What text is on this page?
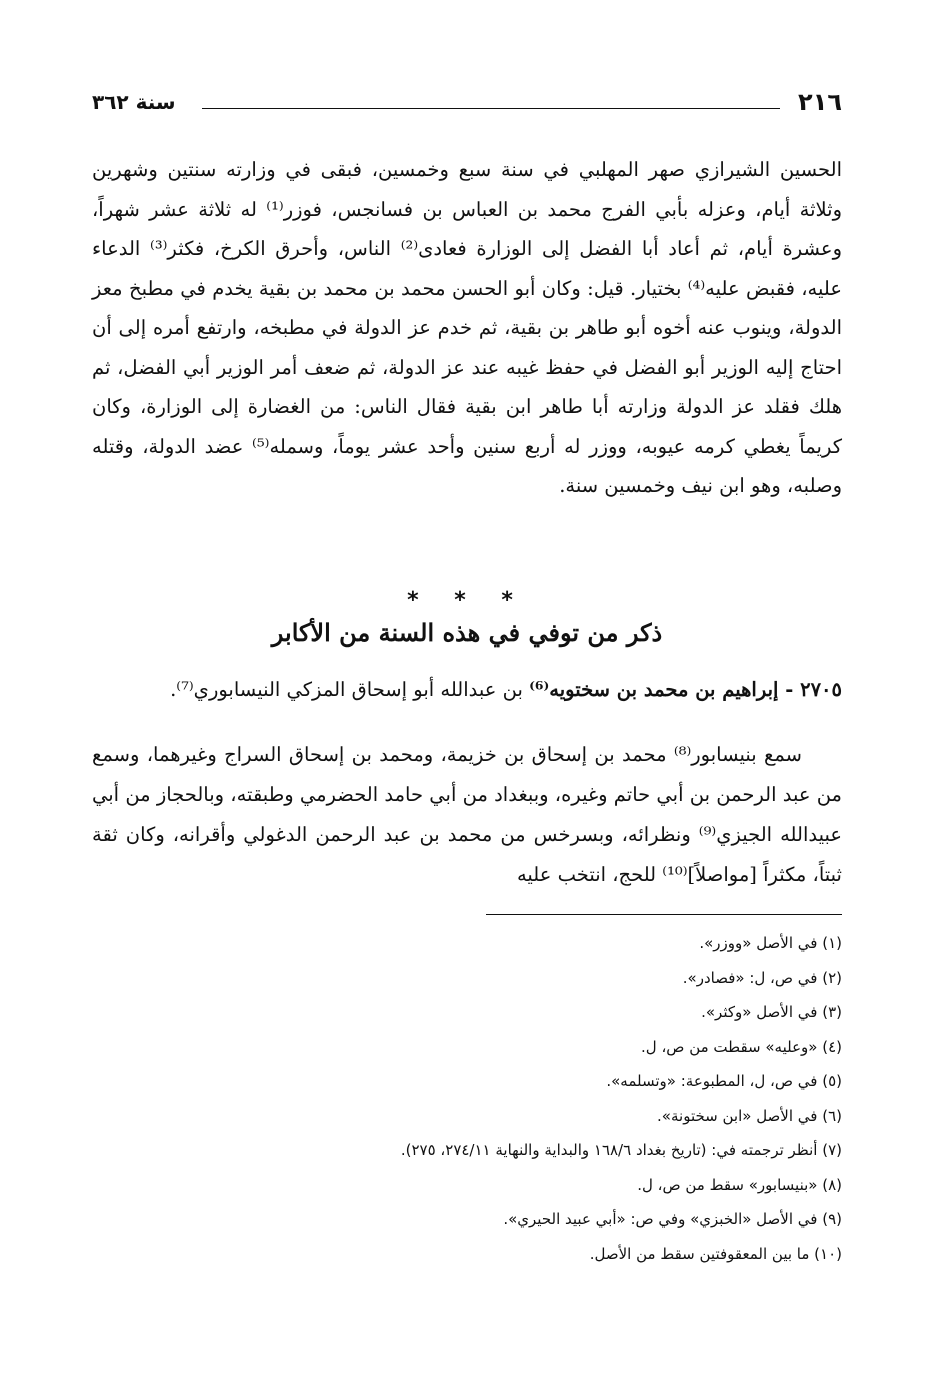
٢١٦
سنة ٣٦٢

الحسين الشيرازي صهر المهلبي في سنة سبع وخمسين، فبقى في وزارته سنتين وشهرين وثلاثة أيام، وعزله بأبي الفرج محمد بن العباس بن فسانجس، فوزر⁽¹⁾ له ثلاثة عشر شهراً، وعشرة أيام، ثم أعاد أبا الفضل إلى الوزارة فعادى⁽²⁾ الناس، وأحرق الكرخ، فكثر⁽³⁾ الدعاء عليه، فقبض عليه⁽⁴⁾ بختيار. قيل: وكان أبو الحسن محمد بن محمد بن بقية يخدم في مطبخ معز الدولة، وينوب عنه أخوه أبو طاهر بن بقية، ثم خدم عز الدولة في مطبخه، وارتفع أمره إلى أن احتاج إليه الوزير أبو الفضل في حفظ غيبه عند عز الدولة، ثم ضعف أمر الوزير أبي الفضل، ثم هلك فقلد عز الدولة وزارته أبا طاهر ابن بقية فقال الناس: من الغضارة إلى الوزارة، وكان كريماً يغطي كرمه عيوبه، ووزر له أربع سنين وأحد عشر يوماً، وسمله⁽⁵⁾ عضد الدولة، وقتله وصلبه، وهو ابن نيف وخمسين سنة.

* * *
ذكر من توفي في هذه السنة من الأكابر
٢٧٠٥ - إبراهيم بن محمد بن سختويه⁽⁶⁾ بن عبدالله أبو إسحاق المزكي النيسابوري⁽⁷⁾.

سمع بنيسابور⁽⁸⁾ محمد بن إسحاق بن خزيمة، ومحمد بن إسحاق السراج وغيرهما، وسمع من عبد الرحمن بن أبي حاتم وغيره، وببغداد من أبي حامد الحضرمي وطبقته، وبالحجاز من أبي عبيدالله الجيزي⁽⁹⁾ ونظرائه، وبسرخس من محمد بن عبد الرحمن الدغولي وأقرانه، وكان ثقة ثبتاً، مكثراً [مواصلاً]⁽¹⁰⁾ للحج، انتخب عليه

(١) في الأصل «ووزر».
(٢) في ص، ل: «فصادر».
(٣) في الأصل «وكثر».
(٤) «وعليه» سقطت من ص، ل.
(٥) في ص، ل، المطبوعة: «وتسلمه».
(٦) في الأصل «ابن سختونة».
(٧) أنظر ترجمته في: (تاريخ بغداد ١٦٨/٦ والبداية والنهاية ٢٧٤/١١، ٢٧٥).
(٨) «بنيسابور» سقط من ص، ل.
(٩) في الأصل «الخبزي» وفي ص: «أبي عبيد الحيري».
(١٠) ما بين المعقوفتين سقط من الأصل.
